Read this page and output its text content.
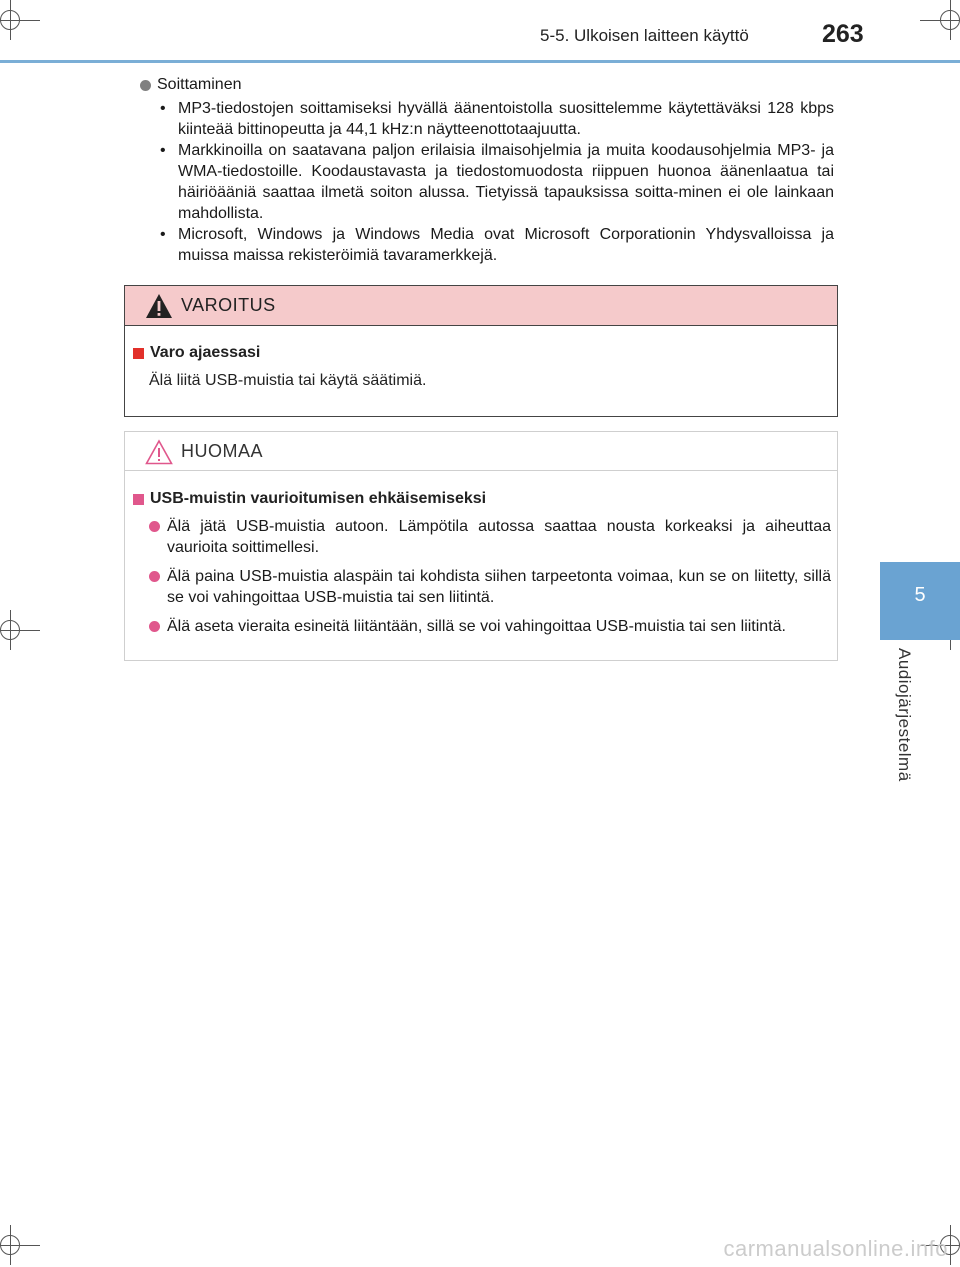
5-5. Ulkoisen laitteen käyttö	263
5
Audiojärjestelmä
Soittaminen
• MP3-tiedostojen soittamiseksi hyvällä äänentoistolla suosittelemme käytettäväksi 128 kbps kiinteää bittinopeutta ja 44,1 kHz:n näytteenottotaajuutta.
• Markkinoilla on saatavana paljon erilaisia ilmaisohjelmia ja muita koodausohjelmia MP3- ja WMA-tiedostoille. Koodaustavasta ja tiedostomuodosta riippuen huonoa äänenlaatua tai häiriöääniä saattaa ilmetä soiton alussa. Tietyissä tapauksissa soitta-minen ei ole lainkaan mahdollista.
• Microsoft, Windows ja Windows Media ovat Microsoft Corporationin Yhdysvalloissa ja muissa maissa rekisteröimiä tavaramerkkejä.
VAROITUS
Varo ajaessasi
Älä liitä USB-muistia tai käytä säätimiä.
HUOMAA
USB-muistin vaurioitumisen ehkäisemiseksi
Älä jätä USB-muistia autoon. Lämpötila autossa saattaa nousta korkeaksi ja aiheuttaa vaurioita soittimellesi.
Älä paina USB-muistia alaspäin tai kohdista siihen tarpeetonta voimaa, kun se on liitetty, sillä se voi vahingoittaa USB-muistia tai sen liitintä.
Älä aseta vieraita esineitä liitäntään, sillä se voi vahingoittaa USB-muistia tai sen liitintä.
carmanualsonline.info
